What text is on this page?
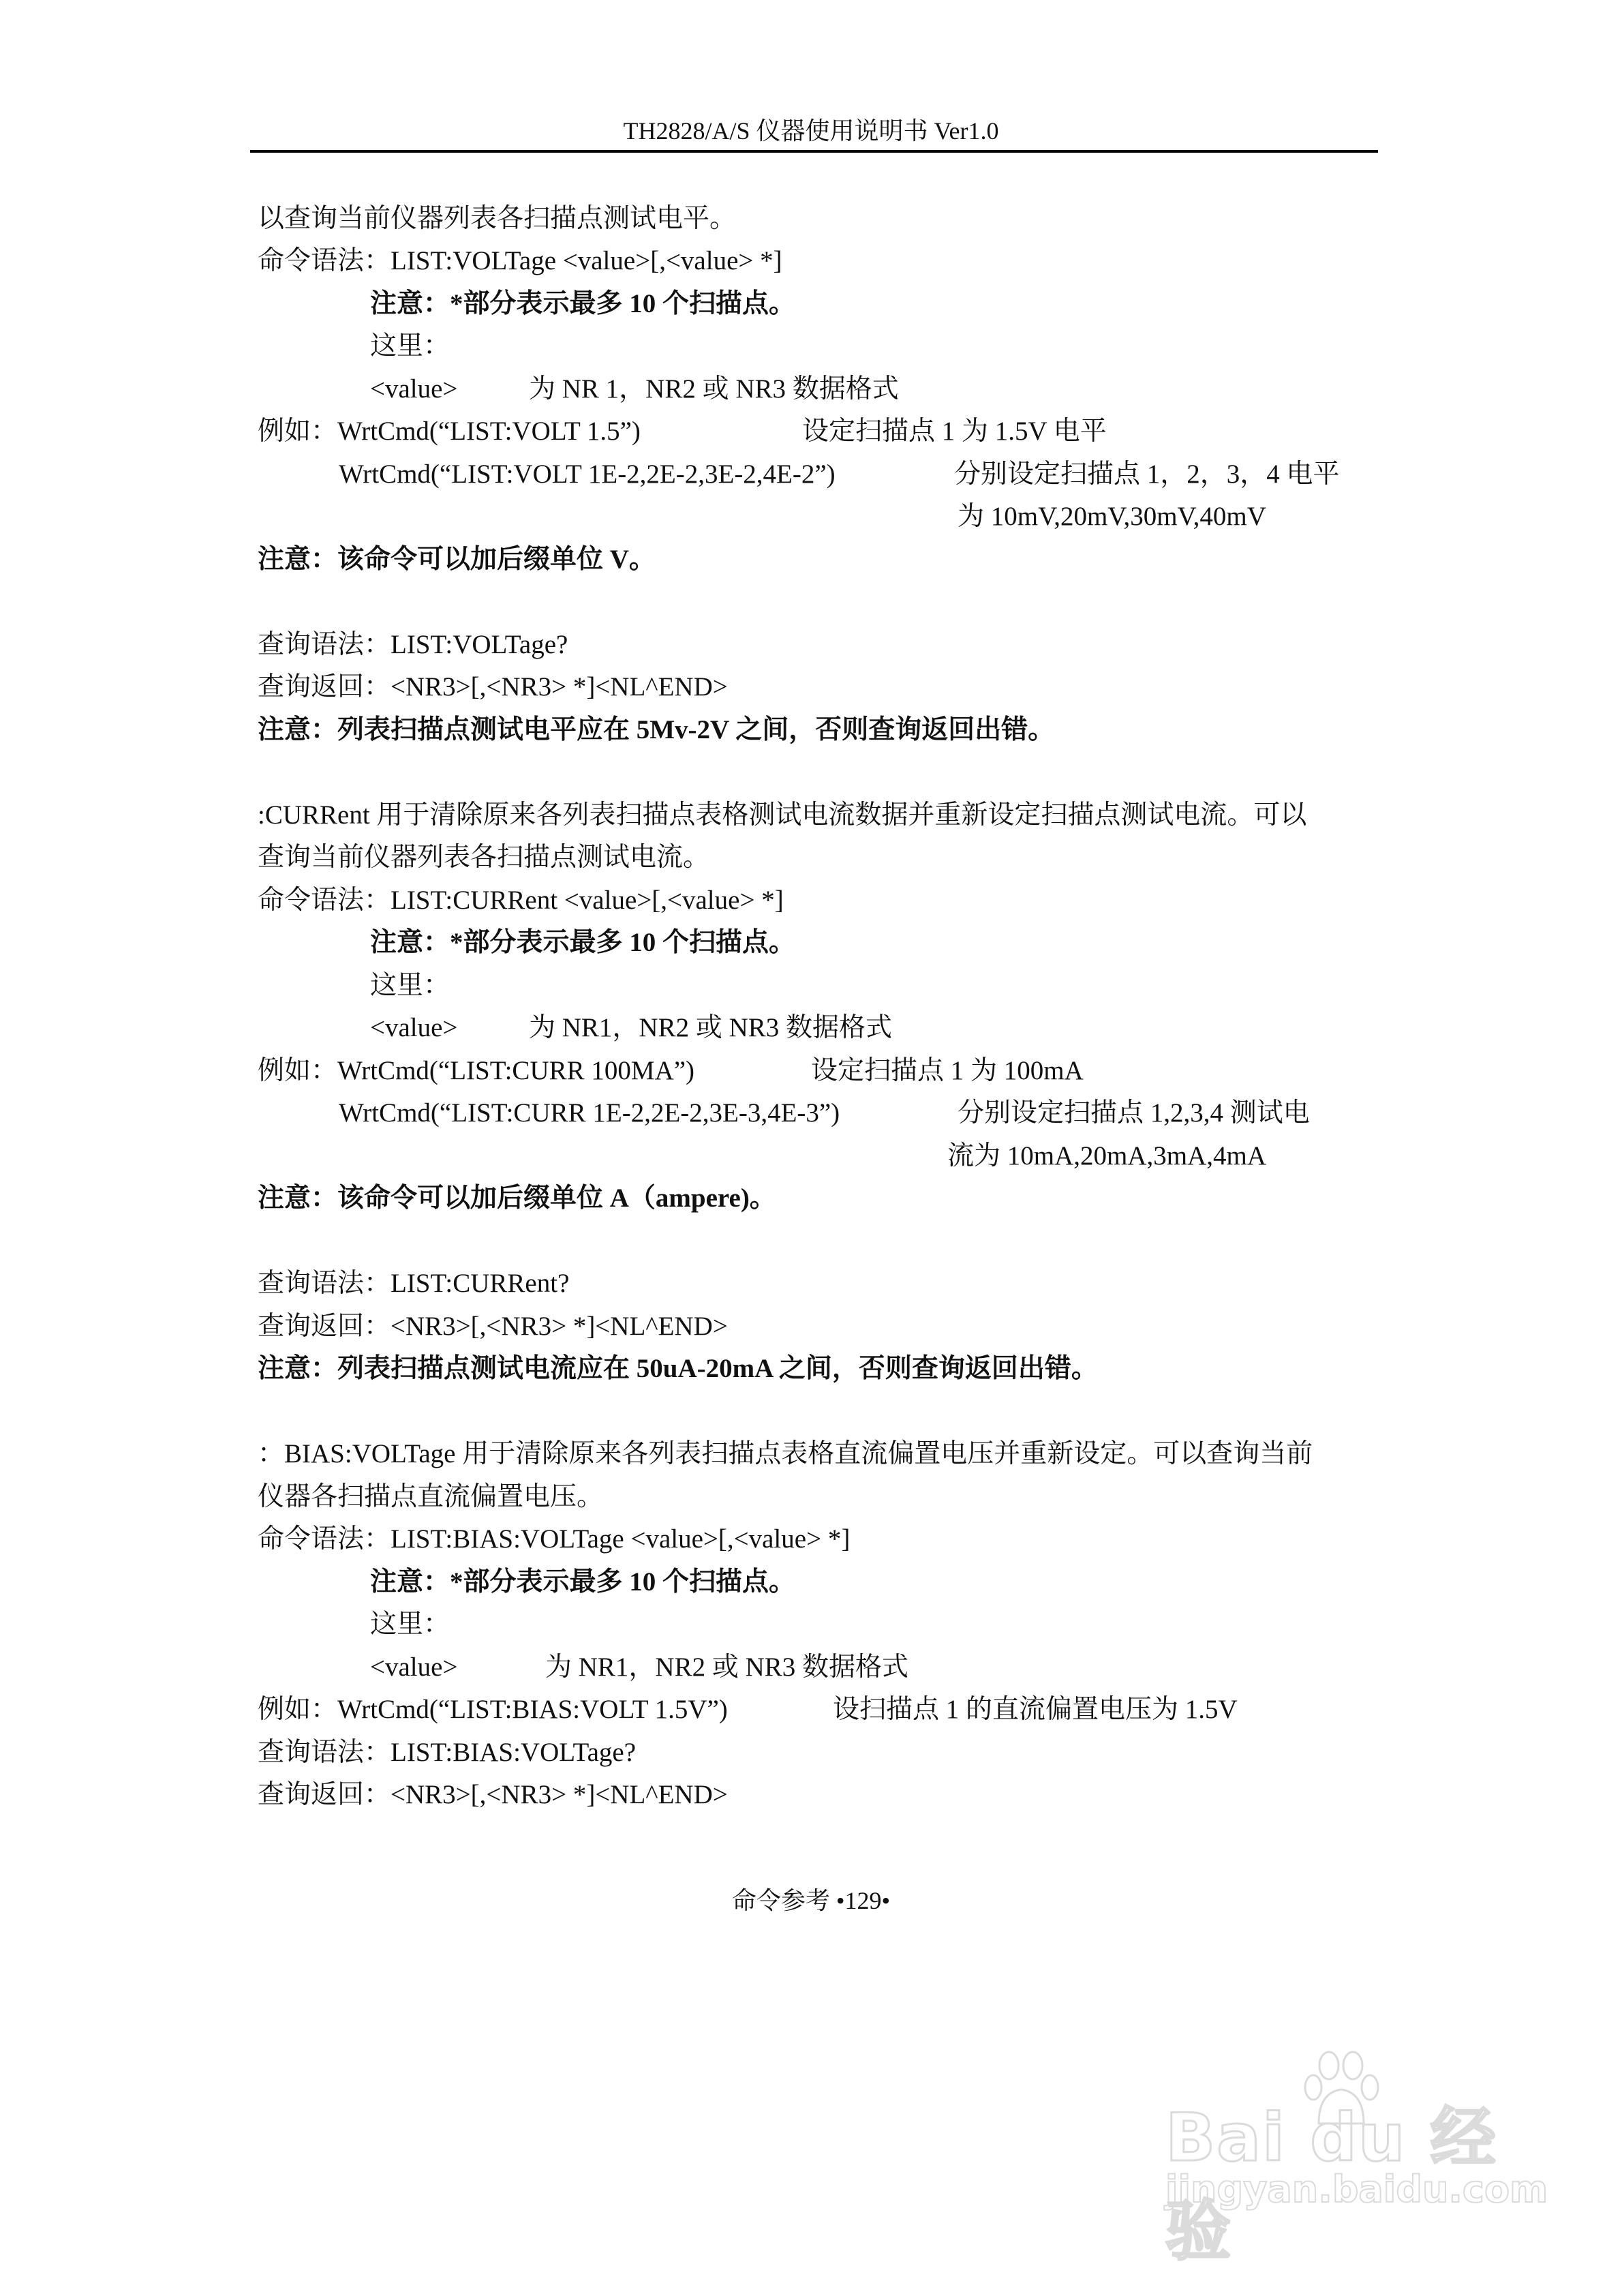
TH2828/A/S 仪器使用说明书 Ver1.0
以查询当前仪器列表各扫描点测试电平。
命令语法：LIST:VOLTage <value>[,<value> *]
注意：*部分表示最多 10 个扫描点。
这里：
<value>	为 NR 1，NR2 或 NR3 数据格式
例如：WrtCmd(“LIST:VOLT 1.5”)	设定扫描点 1 为 1.5V 电平
WrtCmd(“LIST:VOLT 1E-2,2E-2,3E-2,4E-2”)	分别设定扫描点 1，2，3，4 电平
为 10mV,20mV,30mV,40mV
注意：该命令可以加后缀单位 V。
查询语法：LIST:VOLTage?
查询返回：<NR3>[,<NR3> *]<NL^END>
注意：列表扫描点测试电平应在 5Mv-2V 之间，否则查询返回出错。
:CURRent 用于清除原来各列表扫描点表格测试电流数据并重新设定扫描点测试电流。可以
查询当前仪器列表各扫描点测试电流。
命令语法：LIST:CURRent <value>[,<value> *]
注意：*部分表示最多 10 个扫描点。
这里：
<value>	为 NR1，NR2 或 NR3 数据格式
例如：WrtCmd(“LIST:CURR 100MA”)	设定扫描点 1 为 100mA
WrtCmd(“LIST:CURR 1E-2,2E-2,3E-3,4E-3”)	分别设定扫描点 1,2,3,4 测试电
流为 10mA,20mA,3mA,4mA
注意：该命令可以加后缀单位 A（ampere)。
查询语法：LIST:CURRent?
查询返回：<NR3>[,<NR3> *]<NL^END>
注意：列表扫描点测试电流应在 50uA-20mA 之间，否则查询返回出错。
：BIAS:VOLTage 用于清除原来各列表扫描点表格直流偏置电压并重新设定。可以查询当前
仪器各扫描点直流偏置电压。
命令语法：LIST:BIAS:VOLTage <value>[,<value> *]
注意：*部分表示最多 10 个扫描点。
这里：
<value>	为 NR1，NR2 或 NR3 数据格式
例如：WrtCmd(“LIST:BIAS:VOLT 1.5V”)	设扫描点 1 的直流偏置电压为 1.5V
查询语法：LIST:BIAS:VOLTage?
查询返回：<NR3>[,<NR3> *]<NL^END>
命令参考 •129•
Bai du 经验
jingyan.baidu.com
